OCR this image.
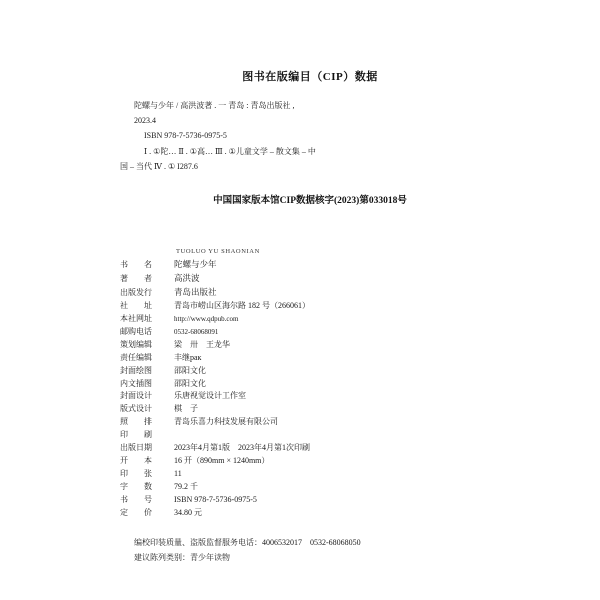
图书在版编目（CIP）数据
陀螺与少年 / 高洪波著 . 一 青岛 : 青岛出版社 ,
2023.4
ISBN 978-7-5736-0975-5
Ⅰ . ①陀… Ⅱ . ①高… Ⅲ . ①儿童文学 – 散文集 – 中
国 – 当代 Ⅳ . ① I287.6
中国国家版本馆CIP数据核字(2023)第033018号
TUOLUO YU SHAONIAN
书　　名	陀螺与少年
著　　者	高洪波
出版发行	青岛出版社
社　　址	青岛市崂山区海尔路 182 号（266061）
本社网址	http://www.qdpub.com
邮购电话	0532-68068091
策划编辑	梁　卅　王龙华
责任编辑	丰继рак
封面绘图	邵阳文化
内文插图	邵阳文化
封面设计	乐唐视觉设计工作室
版式设计	棋　子
照　　排	青岛乐喜力科技发展有限公司
印　　刷
出版日期	2023年4月第1版　2023年4月第1次印刷
开　　本	16 开（890mm × 1240mm）
印　　张	11
字　　数	79.2 千
书　　号	ISBN 978-7-5736-0975-5
定　　价	34.80 元
编校印装质量、盗版监督服务电话：4006532017　0532-68068050
建议陈列类别：青少年读物
